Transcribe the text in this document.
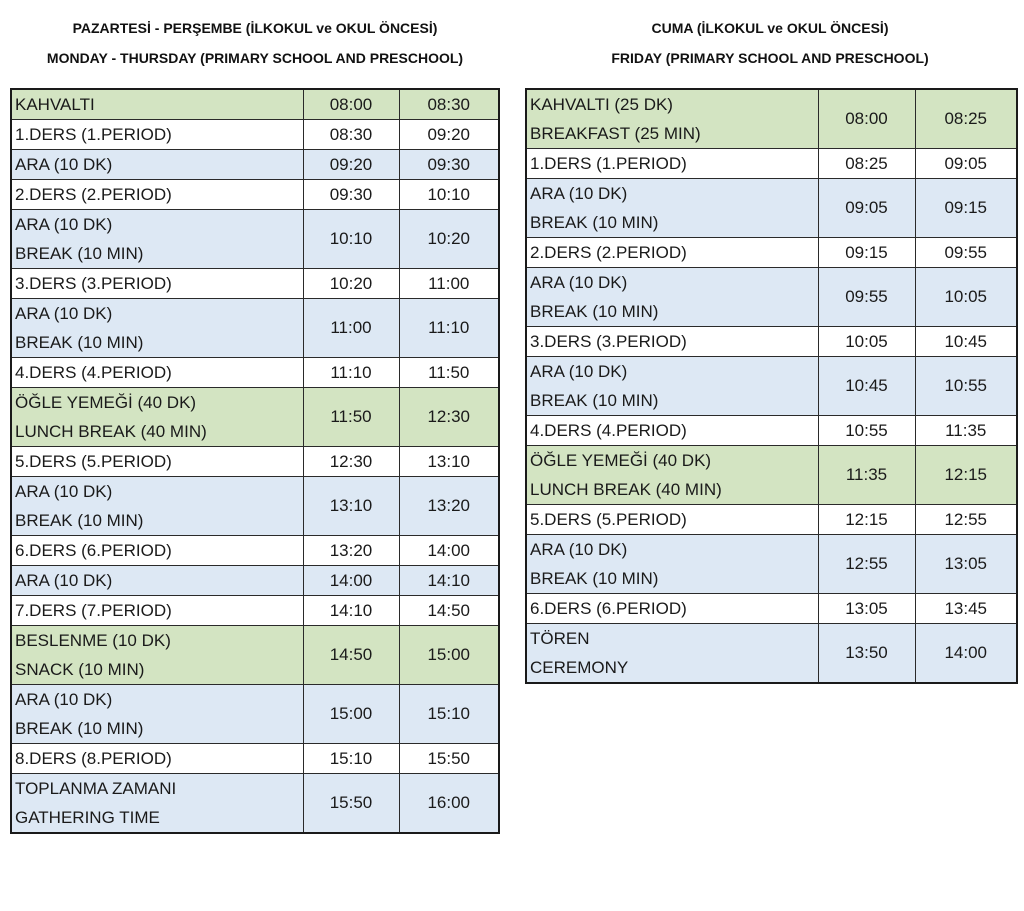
PAZARTESİ - PERŞEMBE (İLKOKUL ve OKUL ÖNCESİ)
MONDAY - THURSDAY (PRIMARY SCHOOL AND PRESCHOOL)
CUMA (İLKOKUL ve OKUL ÖNCESİ)
FRIDAY (PRIMARY SCHOOL AND PRESCHOOL)
KAHVALTI	08:00	08:30

1.DERS (1.PERIOD)	08:30	09:20

ARA (10 DK)	09:20	09:30

2.DERS (2.PERIOD)	09:30	10:10

ARA (10 DK)
BREAK (10 MIN)	10:10	10:20

3.DERS (3.PERIOD)	10:20	11:00

ARA (10 DK)
BREAK (10 MIN)	11:00	11:10

4.DERS (4.PERIOD)	11:10	11:50

ÖĞLE YEMEĞİ (40 DK)
LUNCH BREAK (40 MIN)	11:50	12:30

5.DERS (5.PERIOD)	12:30	13:10

ARA (10 DK)
BREAK (10 MIN)	13:10	13:20

6.DERS (6.PERIOD)	13:20	14:00

ARA (10 DK)	14:00	14:10

7.DERS (7.PERIOD)	14:10	14:50

BESLENME (10 DK)
SNACK (10 MIN)	14:50	15:00

ARA (10 DK)
BREAK (10 MIN)	15:00	15:10

8.DERS (8.PERIOD)	15:10	15:50

TOPLANMA ZAMANI
GATHERING TIME	15:50	16:00
KAHVALTI (25 DK)
BREAKFAST (25 MIN)	08:00	08:25

1.DERS (1.PERIOD)	08:25	09:05

ARA (10 DK)
BREAK (10 MIN)	09:05	09:15

2.DERS (2.PERIOD)	09:15	09:55

ARA (10 DK)
BREAK (10 MIN)	09:55	10:05

3.DERS (3.PERIOD)	10:05	10:45

ARA (10 DK)
BREAK (10 MIN)	10:45	10:55

4.DERS (4.PERIOD)	10:55	11:35

ÖĞLE YEMEĞİ (40 DK)
LUNCH BREAK (40 MIN)	11:35	12:15

5.DERS (5.PERIOD)	12:15	12:55

ARA (10 DK)
BREAK (10 MIN)	12:55	13:05

6.DERS (6.PERIOD)	13:05	13:45

TÖREN
CEREMONY	13:50	14:00
